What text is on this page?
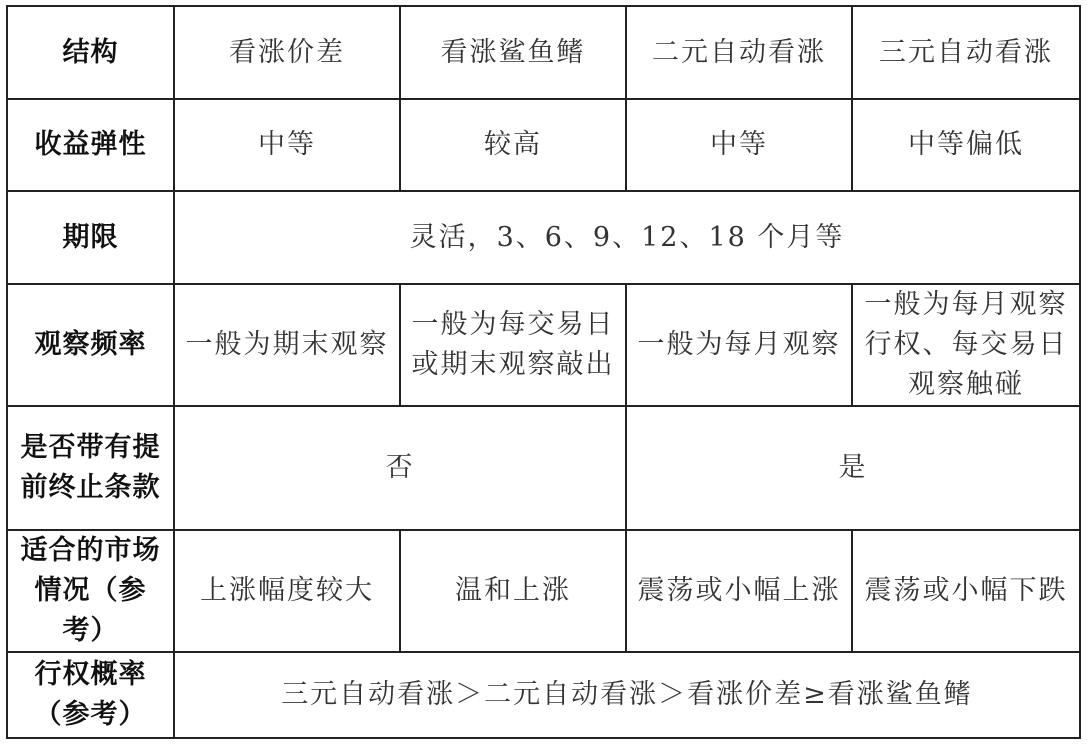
结构	看涨价差	看涨鲨鱼鳍	二元自动看涨	三元自动看涨
收益弹性	中等	较高	中等	中等偏低
期限	灵活，3、6、9、12、18 个月等			
观察频率	一般为期末观察	一般为每交易日或期末观察敲出	一般为每月观察	一般为每月观察行权、每交易日观察触碰
是否带有提前终止条款	否		是	
适合的市场情况（参考）	上涨幅度较大	温和上涨	震荡或小幅上涨	震荡或小幅下跌
行权概率（参考）	三元自动看涨＞二元自动看涨＞看涨价差≥看涨鲨鱼鳍			
